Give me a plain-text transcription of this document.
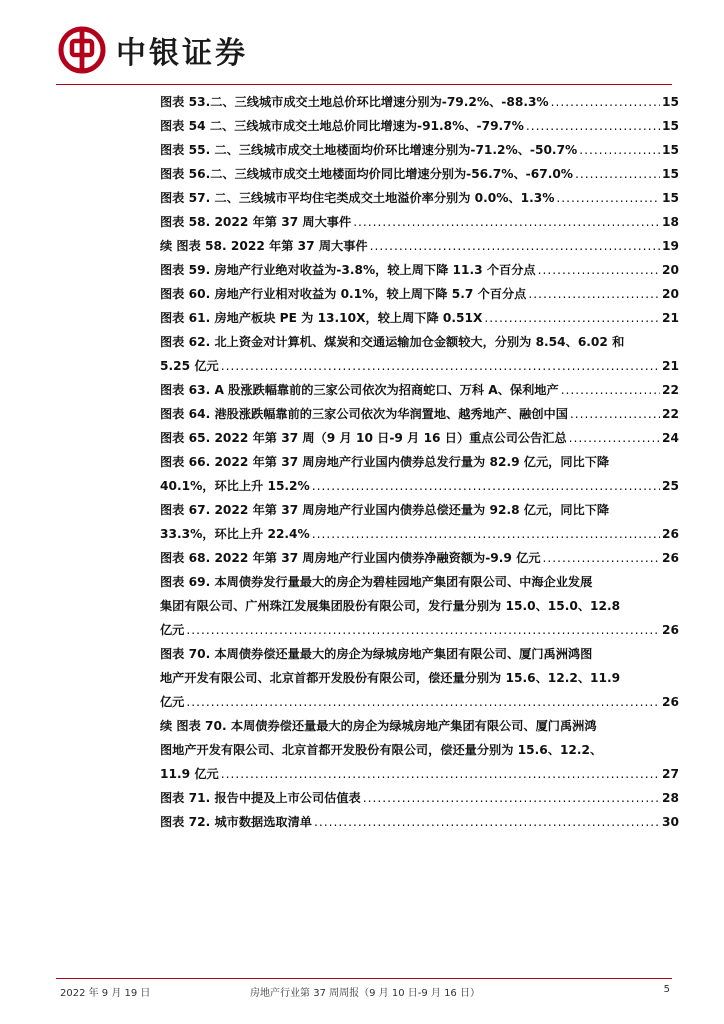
中银证券
图表 53.二、三线城市成交土地总价环比增速分别为-79.2%、-88.3% .....	15
图表 54 二、三线城市成交土地总价同比增速为-91.8%、-79.7% .....	15
图表 55. 二、三线城市成交土地楼面均价环比增速分别为-71.2%、-50.7% .....	15
图表 56.二、三线城市成交土地楼面均价同比增速分别为-56.7%、-67.0% .....	15
图表 57. 二、三线城市平均住宅类成交土地溢价率分别为 0.0%、1.3% .....	15
图表 58. 2022 年第 37 周大事件 .....	18
续 图表 58. 2022 年第 37 周大事件 .....	19
图表 59. 房地产行业绝对收益为-3.8%，较上周下降 11.3 个百分点 .....	20
图表 60. 房地产行业相对收益为 0.1%，较上周下降 5.7 个百分点 .....	20
图表 61. 房地产板块 PE 为 13.10X，较上周下降 0.51X .....	21
图表 62. 北上资金对计算机、煤炭和交通运输加仓金额较大，分别为 8.54、6.02 和
5.25 亿元 .....	21
图表 63. A 股涨跌幅靠前的三家公司依次为招商蛇口、万科 A、保利地产 .....	22
图表 64. 港股涨跌幅靠前的三家公司依次为华润置地、越秀地产、融创中国 .....	22
图表 65. 2022 年第 37 周（9 月 10 日-9 月 16 日）重点公司公告汇总 .....	24
图表 66. 2022 年第 37 周房地产行业国内债券总发行量为 82.9 亿元，同比下降
40.1%，环比上升 15.2% .....	25
图表 67. 2022 年第 37 周房地产行业国内债券总偿还量为 92.8 亿元，同比下降
33.3%，环比上升 22.4% .....	26
图表 68. 2022 年第 37 周房地产行业国内债券净融资额为-9.9 亿元 .....	26
图表 69. 本周债券发行量最大的房企为碧桂园地产集团有限公司、中海企业发展
集团有限公司、广州珠江发展集团股份有限公司，发行量分别为 15.0、15.0、12.8
亿元 .....	26
图表 70. 本周债券偿还量最大的房企为绿城房地产集团有限公司、厦门禹洲鸿图
地产开发有限公司、北京首都开发股份有限公司，偿还量分别为 15.6、12.2、11.9
亿元 .....	26
续 图表 70. 本周债券偿还量最大的房企为绿城房地产集团有限公司、厦门禹洲鸿
图地产开发有限公司、北京首都开发股份有限公司，偿还量分别为 15.6、12.2、
11.9 亿元 .....	27
图表 71. 报告中提及上市公司估值表 .....	28
图表 72. 城市数据选取清单 .....	30
2022 年 9 月 19 日	房地产行业第 37 周周报（9 月 10 日-9 月 16 日）	5
